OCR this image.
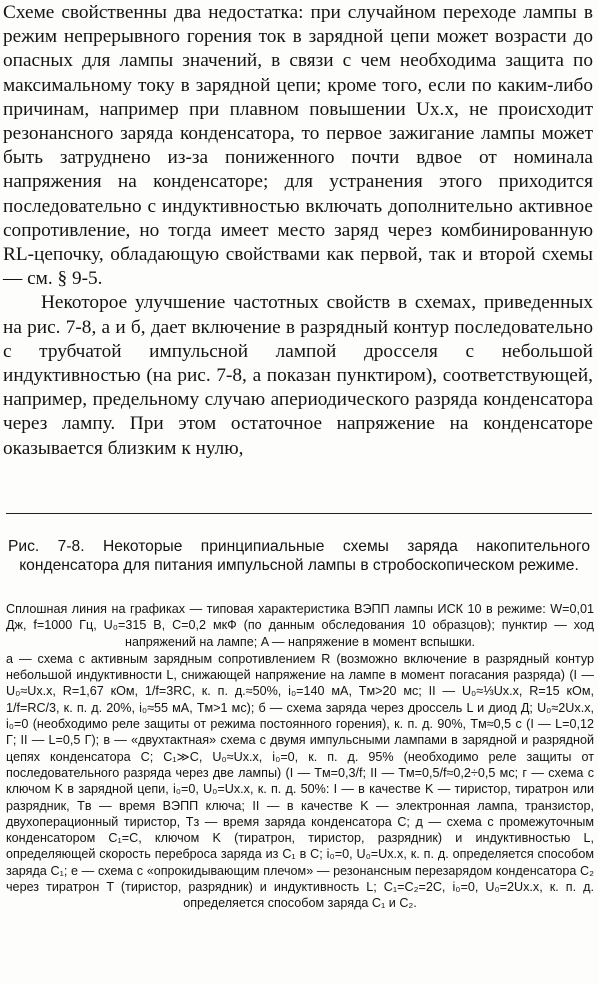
Схеме свойственны два недостатка: при случайном переходе лампы в режим непрерывного горения ток в зарядной цепи может возрасти до опасных для лампы значений, в связи с чем необходима защита по максимальному току в зарядной цепи; кроме того, если по каким-либо причинам, например при плавном повышении Uх.х, не происходит резонансного заряда конденсатора, то первое зажигание лампы может быть затруднено из-за пониженного почти вдвое от номинала напряжения на конденсаторе; для устранения этого приходится последовательно с индуктивностью включать дополнительно активное сопротивление, но тогда имеет место заряд через комбинированную RL-цепочку, обладающую свойствами как первой, так и второй схемы — см. § 9-5.

Некоторое улучшение частотных свойств в схемах, приведенных на рис. 7-8, а и б, дает включение в разрядный контур последовательно с трубчатой импульсной лампой дросселя с небольшой индуктивностью (на рис. 7-8, а показан пунктиром), соответствующей, например, предельному случаю апериодического разряда конденсатора через лампу. При этом остаточное напряжение на конденсаторе оказывается близким к нулю,

Рис. 7-8. Некоторые принципиальные схемы заряда накопительного конденсатора для питания импульсной лампы в стробоскопическом режиме.

Сплошная линия на графиках — типовая характеристика ВЭПП лампы ИСК 10 в режиме: W=0,01 Дж, f=1000 Гц, U₀=315 В, C=0,2 мкФ (по данным обследования 10 образцов); пунктир — ход напряжений на лампе; A — напряжение в момент вспышки.

а — схема с активным зарядным сопротивлением R (возможно включение в разрядный контур небольшой индуктивности L, снижающей напряжение на лампе в момент погасания разряда) (I — U₀≈Uх.х, R=1,67 кОм, 1/f=3RC, к. п. д.≈50%, i₀=140 мА, Tм>20 мс; II — U₀≈⅓Uх.х, R=15 кОм, 1/f=RC/3, к. п. д. 20%, i₀≈55 мА, Tм>1 мс); б — схема заряда через дроссель L и диод Д; U₀≈2Uх.х, i₀=0 (необходимо реле защиты от режима постоянного горения), к. п. д. 90%, Tм≈0,5 с (I — L=0,12 Г; II — L=0,5 Г); в — «двухтактная» схема с двумя импульсными лампами в зарядной и разрядной цепях конденсатора C; C₁≫C, U₀≈Uх.х, i₀=0, к. п. д. 95% (необходимо реле защиты от последовательного разряда через две лампы) (I — Tм=0,3/f; II — Tм=0,5/f≈0,2÷0,5 мс; г — схема с ключом K в зарядной цепи, i₀=0, U₀=Uх.х, к. п. д. 50%: I — в качестве K — тиристор, тиратрон или разрядник, Tв — время ВЭПП ключа; II — в качестве K — электронная лампа, транзистор, двухоперационный тиристор, Tз — время заряда конденсатора C; д — схема с промежуточным конденсатором C₁=C, ключом K (тиратрон, тиристор, разрядник) и индуктивностью L, определяющей скорость переброса заряда из C₁ в C; i₀=0, U₀=Uх.х, к. п. д. определяется способом заряда C₁; е — схема с «опрокидывающим плечом» — резонансным перезарядом конденсатора C₂ через тиратрон T (тиристор, разрядник) и индуктивность L; C₁=C₂=2C, i₀=0, U₀=2Uх.х, к. п. д. определяется способом заряда C₁ и C₂.
